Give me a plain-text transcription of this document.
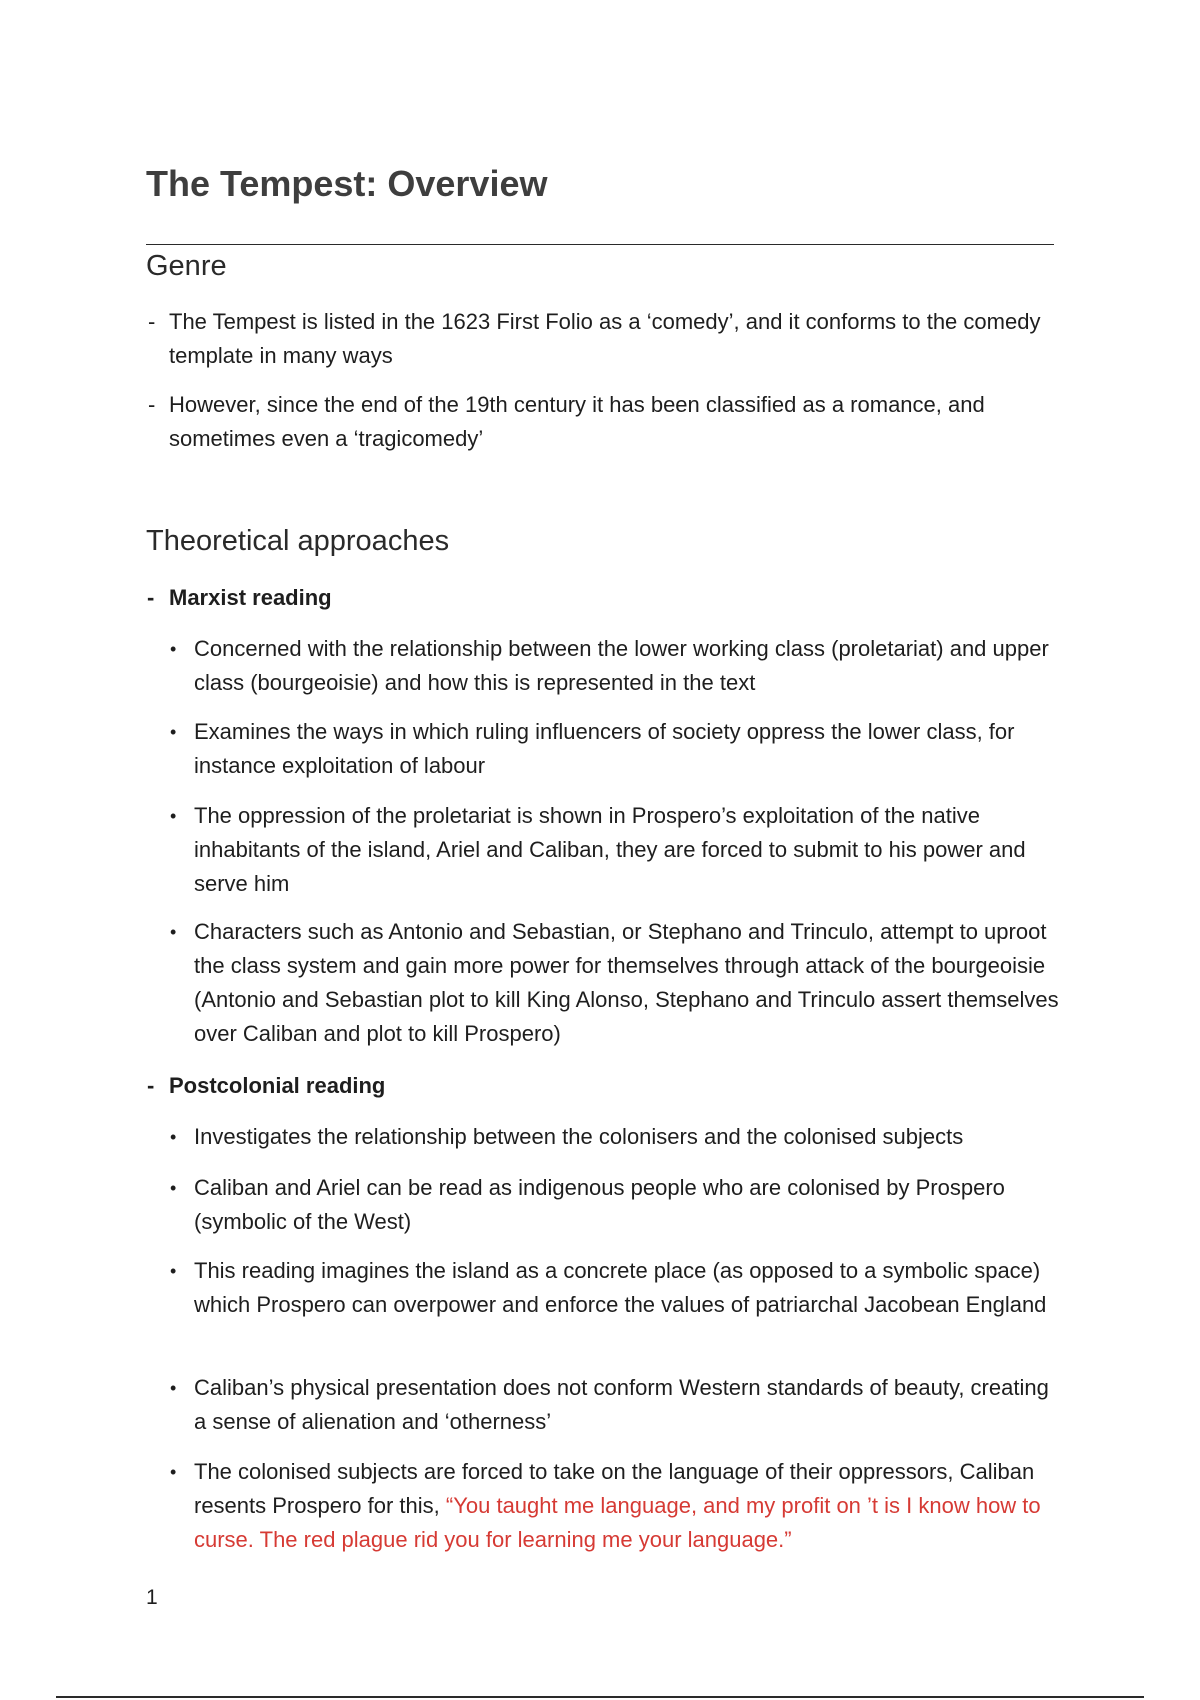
The Tempest: Overview
Genre
- The Tempest is listed in the 1623 First Folio as a ‘comedy’, and it conforms to the comedy template in many ways
- However, since the end of the 19th century it has been classified as a romance, and sometimes even a ‘tragicomedy’
Theoretical approaches
- Marxist reading
• Concerned with the relationship between the lower working class (proletariat) and upper class (bourgeoisie) and how this is represented in the text
• Examines the ways in which ruling influencers of society oppress the lower class, for instance exploitation of labour
• The oppression of the proletariat is shown in Prospero’s exploitation of the native inhabitants of the island, Ariel and Caliban, they are forced to submit to his power and serve him
• Characters such as Antonio and Sebastian, or Stephano and Trinculo, attempt to uproot the class system and gain more power for themselves through attack of the bourgeoisie (Antonio and Sebastian plot to kill King Alonso, Stephano and Trinculo assert themselves over Caliban and plot to kill Prospero)
- Postcolonial reading
• Investigates the relationship between the colonisers and the colonised subjects
• Caliban and Ariel can be read as indigenous people who are colonised by Prospero (symbolic of the West)
• This reading imagines the island as a concrete place (as opposed to a symbolic space) which Prospero can overpower and enforce the values of patriarchal Jacobean England
• Caliban’s physical presentation does not conform Western standards of beauty, creating a sense of alienation and ‘otherness’
• The colonised subjects are forced to take on the language of their oppressors, Caliban resents Prospero for this, “You taught me language, and my profit on ’t is I know how to curse. The red plague rid you for learning me your language.”
1
